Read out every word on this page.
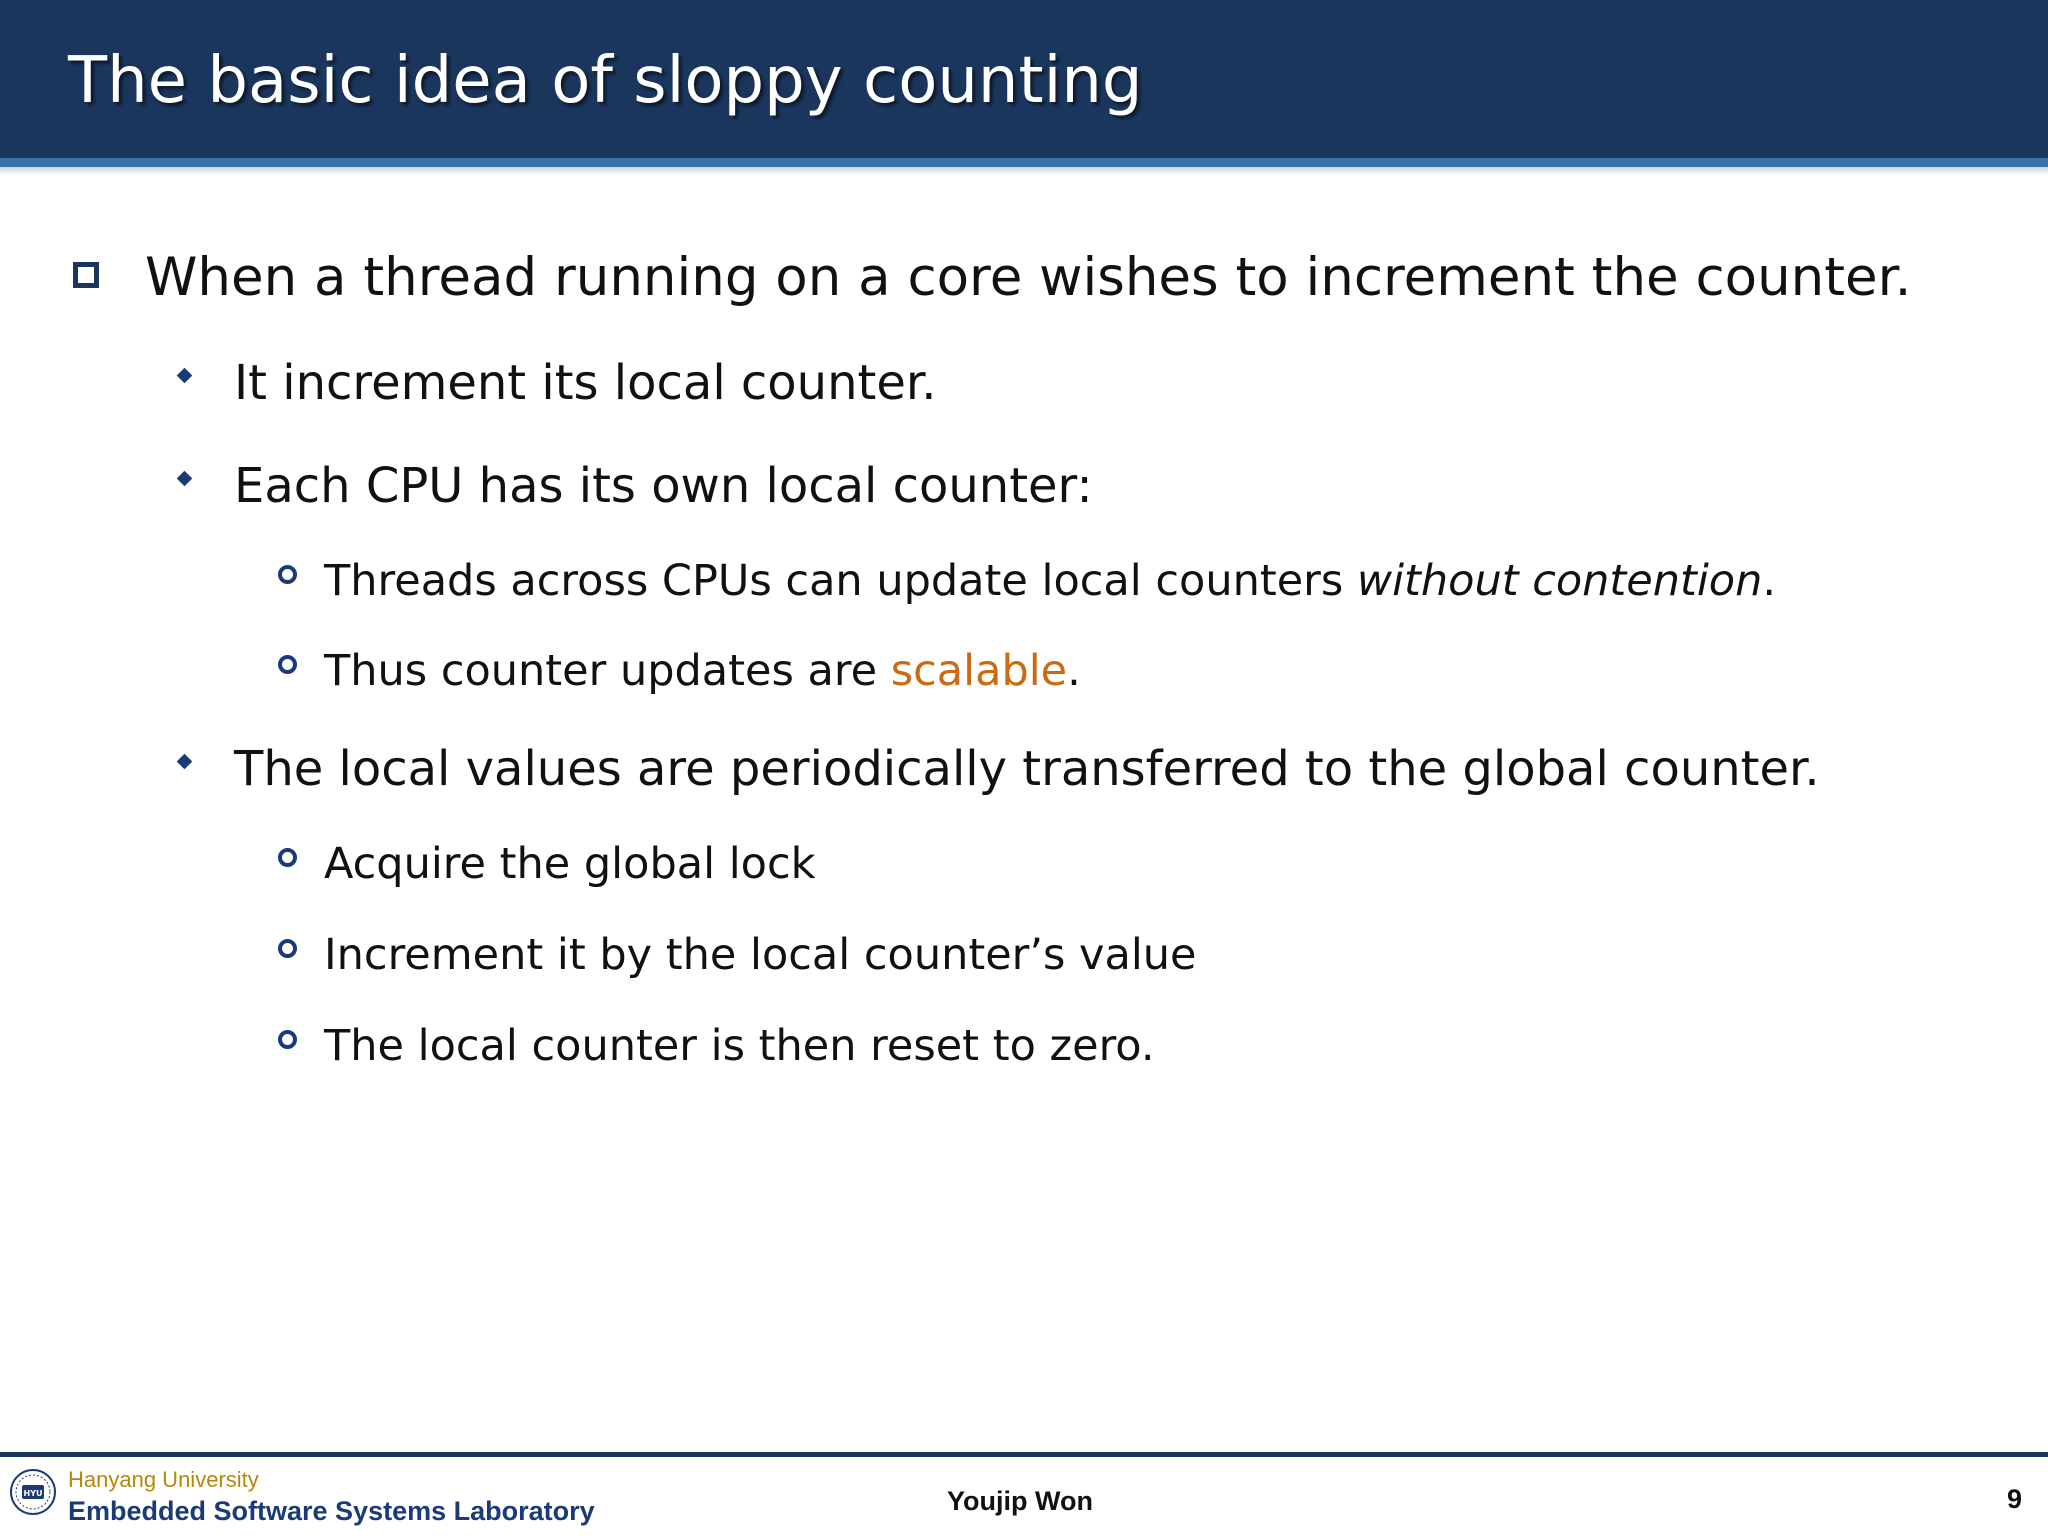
The basic idea of sloppy counting
When a thread running on a core wishes to increment the counter.
It increment its local counter.
Each CPU has its own local counter:
Threads across CPUs can update local counters without contention.
Thus counter updates are scalable.
The local values are periodically transferred to the global counter.
Acquire the global lock
Increment it by the local counter’s value
The local counter is then reset to zero.
HYU
Hanyang University
Embedded Software Systems Laboratory	Youjip Won	9
